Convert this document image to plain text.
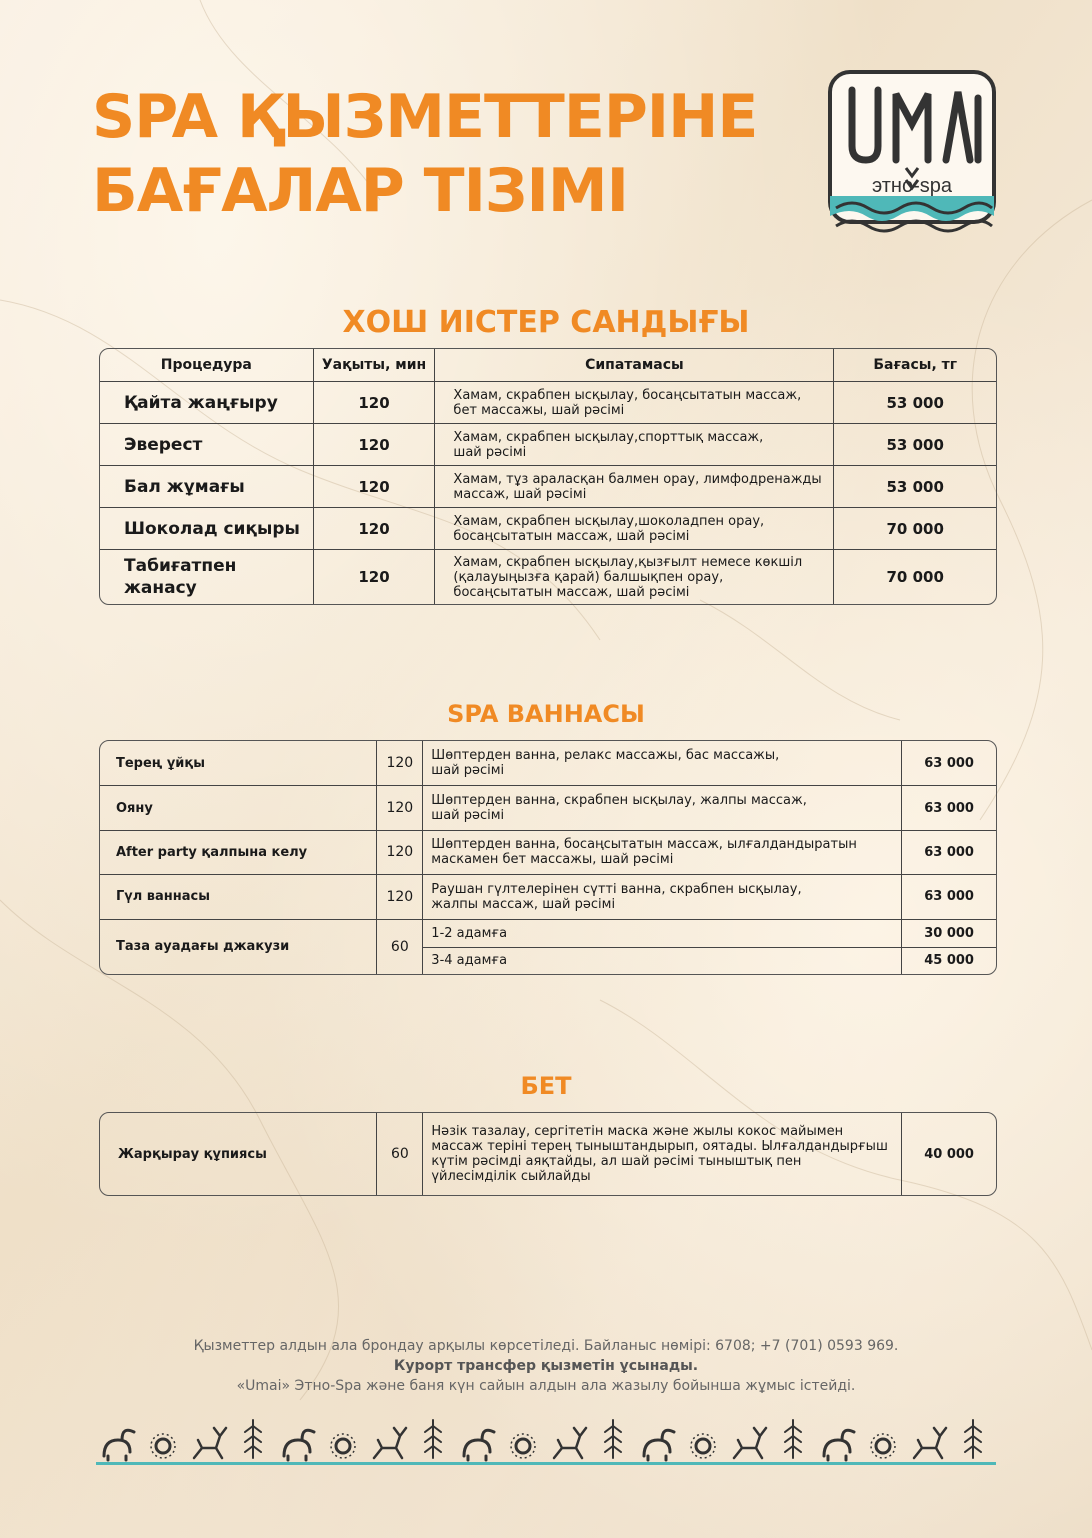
SPA ҚЫЗМЕТТЕРІНЕ
БАҒАЛАР ТІЗІМІ	этно-spa
ХОШ ИІСТЕР САНДЫҒЫ
Процедура	Уақыты, мин	Сипатамасы	Бағасы, тг
Қайта жаңғыру	120	Хамам, скрабпен ысқылау, босаңсытатын массаж,
бет массажы, шай рәсімі	53 000
Эверест	120	Хамам, скрабпен ысқылау,спорттық массаж,
шай рәсімі	53 000
Бал жұмағы	120	Хамам, тұз араласқан балмен орау, лимфодренажды
массаж, шай рәсімі	53 000
Шоколад сиқыры	120	Хамам, скрабпен ысқылау,шоколадпен орау,
босаңсытатын массаж, шай рәсімі	70 000
Табиғатпен
жанасу	120	Хамам, скрабпен ысқылау,қызғылт немесе көкшіл
(қалауыңызға қарай) балшықпен орау,
босаңсытатын массаж, шай рәсімі	70 000
SPA ВАННАСЫ
Терең ұйқы	120	Шөптерден ванна, релакс массажы, бас массажы,
шай рәсімі	63 000
Ояну	120	Шөптерден ванна, скрабпен ысқылау, жалпы массаж,
шай рәсімі	63 000
After party қалпына келу	120	Шөптерден ванна, босаңсытатын массаж, ылғалдандыратын
маскамен бет массажы, шай рәсімі	63 000
Гүл ваннасы	120	Раушан гүлтелерінен сүтті ванна, скрабпен ысқылау,
жалпы массаж, шай рәсімі	63 000
Таза ауадағы джакузи	60	1-2 адамға	30 000
		3-4 адамға	45 000
БЕТ
Жарқырау құпиясы	60	Нәзік тазалау, сергітетін маска және жылы кокос майымен
массаж теріні терең тыныштандырып, оятады. Ылғалдандырғыш
күтім рәсімді аяқтайды, ал шай рәсімі тыныштық пен
үйлесімділік сыйлайды	40 000

Қызметтер алдын ала брондау арқылы көрсетіледі. Байланыс нөмірі: 6708; +7 (701) 0593 969.

Курорт трансфер қызметін ұсынады.

«Umai» Этно-Spa және баня күн сайын алдын ала жазылу бойынша жұмыс істейді.
